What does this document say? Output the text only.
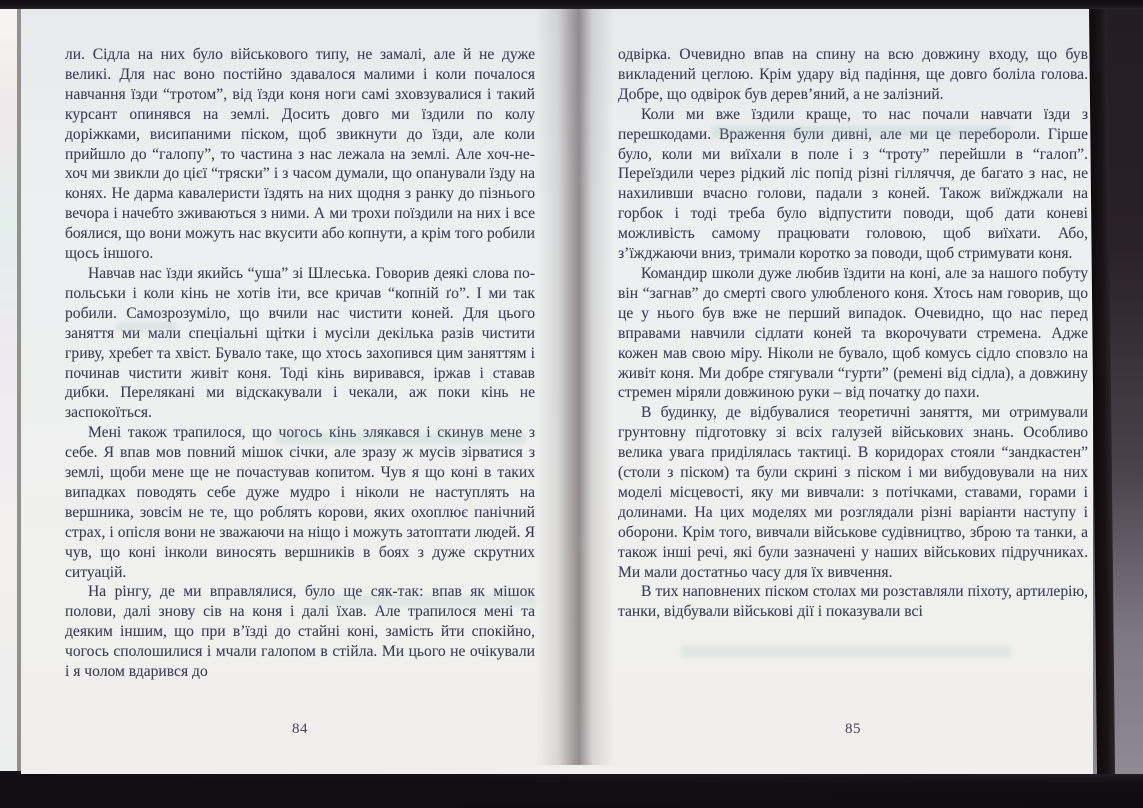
ли. Сідла на них було військового типу, не замалі, але й не дуже великі. Для нас воно постійно здавалося малими і коли почалося навчання їзди “тротом”, від їзди коня ноги самі зховзувалися і такий курсант опинявся на землі. Досить довго ми їздили по колу доріжками, висипаними піском, щоб звикнути до їзди, але коли прийшло до “галопу”, то частина з нас лежала на землі. Але хоч-не-хоч ми звикли до цієї “тряски” і з часом думали, що опанували їзду на конях. Не дарма кавалеристи їздять на них щодня з ранку до пізнього вечора і начебто зживаються з ними. А ми трохи поїздили на них і все боялися, що вони можуть нас вкусити або копнути, а крім того робили щось іншого.

Навчав нас їзди якийсь “уша” зі Шлеська. Говорив деякі слова по-польськи і коли кінь не хотів іти, все кричав “копній ґо”. І ми так робили. Самозрозуміло, що вчили нас чистити коней. Для цього заняття ми мали спеціальні щітки і мусіли декілька разів чистити гриву, хребет та хвіст. Бувало таке, що хтось захопився цим заняттям і починав чистити живіт коня. Тоді кінь виривався, іржав і ставав дибки. Перелякані ми відскакували і чекали, аж поки кінь не заспокоїться.

Мені також трапилося, що чогось кінь злякався і скинув мене з себе. Я впав мов повний мішок січки, але зразу ж мусів зірватися з землі, щоби мене ще не почастував копитом. Чув я що коні в таких випадках поводять себе дуже мудро і ніколи не наступлять на вершника, зовсім не те, що роблять корови, яких охоплює панічний страх, і опісля вони не зважаючи на ніщо і можуть затоптати людей. Я чув, що коні інколи виносять вершників в боях з дуже скрутних ситуацій.

На рінгу, де ми вправлялися, було ще сяк-так: впав як мішок полови, далі знову сів на коня і далі їхав. Але трапилося мені та деяким іншим, що при в’їзді до стайні коні, замість йти спокійно, чогось сполошилися і мчали галопом в стійла. Ми цього не очікували і я чолом вдарився до

84

одвірка. Очевидно впав на спину на всю довжину входу, що був викладений цеглою. Крім удару від падіння, ще довго боліла голова. Добре, що одвірок був дерев’яний, а не залізний.

Коли ми вже їздили краще, то нас почали навчати їзди з перешкодами. Враження були дивні, але ми це перебороли. Гірше було, коли ми виїхали в поле і з “троту” перейшли в “галоп”. Переїздили через рідкий ліс попід різні гілляччя, де багато з нас, не нахиливши вчасно голови, падали з коней. Також виїжджали на горбок і тоді треба було відпустити поводи, щоб дати коневі можливість самому працювати головою, щоб виїхати. Або, з’їжджаючи вниз, тримали коротко за поводи, щоб стримувати коня.

Командир школи дуже любив їздити на коні, але за нашого побуту він “загнав” до смерті свого улюбленого коня. Хтось нам говорив, що це у нього був вже не перший випадок. Очевидно, що нас перед вправами навчили сідлати коней та вкорочувати стремена. Адже кожен мав свою міру. Ніколи не бувало, щоб комусь сідло сповзло на живіт коня. Ми добре стягували “гурти” (ремені від сідла), а довжину стремен міряли довжиною руки – від початку до пахи.

В будинку, де відбувалися теоретичні заняття, ми отримували грунтовну підготовку зі всіх галузей військових знань. Особливо велика увага приділялась тактиці. В коридорах стояли “зандкастен” (столи з піском) та були скрині з піском і ми вибудовували на них моделі місцевості, яку ми вивчали: з потічками, ставами, горами і долинами. На цих моделях ми розглядали різні варіанти наступу і оборони. Крім того, вивчали військове судівництво, зброю та танки, а також інші речі, які були зазначені у наших військових підручниках. Ми мали достатньо часу для їх вивчення.

В тих наповнених піском столах ми розставляли піхоту, артилерію, танки, відбували військові дії і показували всі

85
